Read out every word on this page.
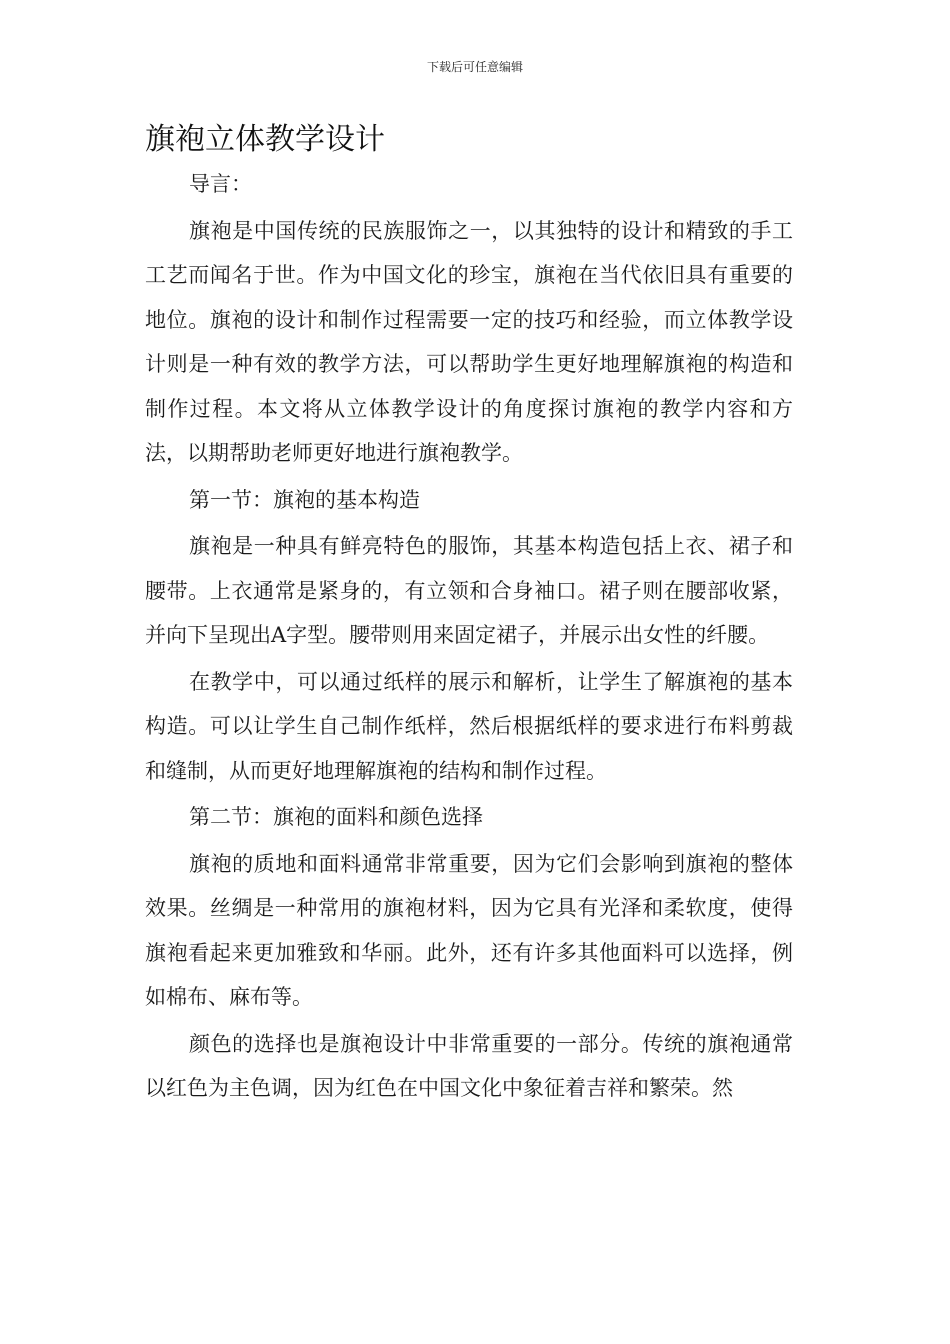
下载后可任意编辑
旗袍立体教学设计

导言：

旗袍是中国传统的民族服饰之一，以其独特的设计和精致的手工工艺而闻名于世。作为中国文化的珍宝，旗袍在当代依旧具有重要的地位。旗袍的设计和制作过程需要一定的技巧和经验，而立体教学设计则是一种有效的教学方法，可以帮助学生更好地理解旗袍的构造和制作过程。本文将从立体教学设计的角度探讨旗袍的教学内容和方法，以期帮助老师更好地进行旗袍教学。

第一节：旗袍的基本构造

旗袍是一种具有鲜亮特色的服饰，其基本构造包括上衣、裙子和腰带。上衣通常是紧身的，有立领和合身袖口。裙子则在腰部收紧，并向下呈现出A字型。腰带则用来固定裙子，并展示出女性的纤腰。

在教学中，可以通过纸样的展示和解析，让学生了解旗袍的基本构造。可以让学生自己制作纸样，然后根据纸样的要求进行布料剪裁和缝制，从而更好地理解旗袍的结构和制作过程。

第二节：旗袍的面料和颜色选择

旗袍的质地和面料通常非常重要，因为它们会影响到旗袍的整体效果。丝绸是一种常用的旗袍材料，因为它具有光泽和柔软度，使得旗袍看起来更加雅致和华丽。此外，还有许多其他面料可以选择，例如棉布、麻布等。

颜色的选择也是旗袍设计中非常重要的一部分。传统的旗袍通常以红色为主色调，因为红色在中国文化中象征着吉祥和繁荣。然
